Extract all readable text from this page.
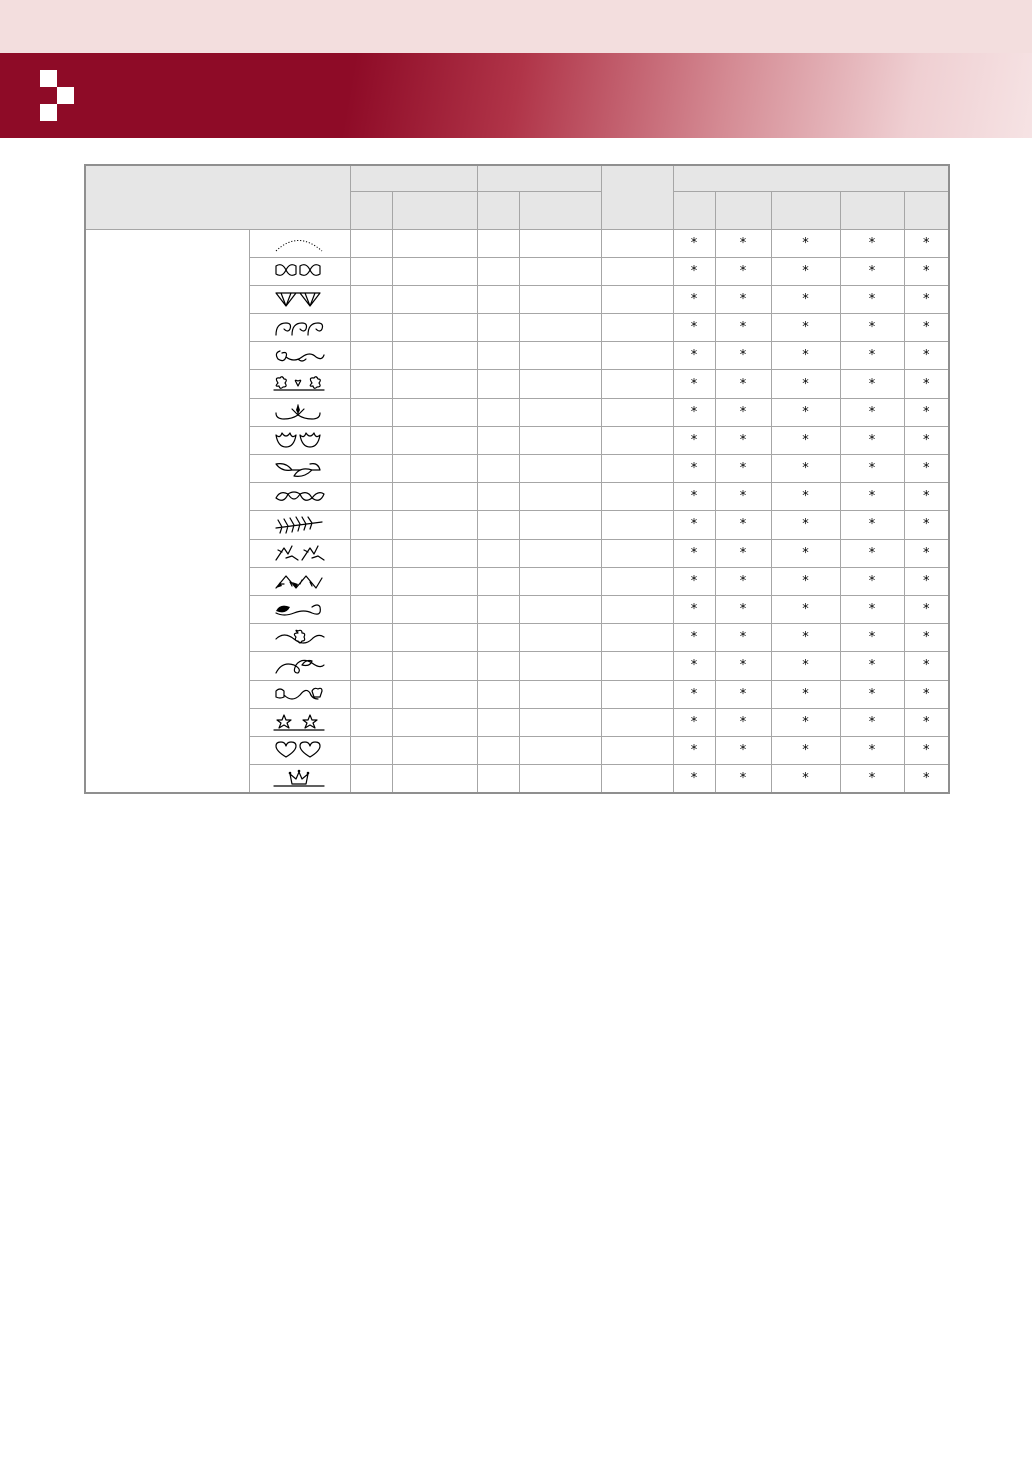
						*	*	*	*	*

						*	*	*	*	*

						*	*	*	*	*

						*	*	*	*	*

						*	*	*	*	*

						*	*	*	*	*

						*	*	*	*	*

						*	*	*	*	*

						*	*	*	*	*

						*	*	*	*	*

						*	*	*	*	*

						*	*	*	*	*

						*	*	*	*	*

						*	*	*	*	*

						*	*	*	*	*

						*	*	*	*	*

						*	*	*	*	*

						*	*	*	*	*

						*	*	*	*	*

						*	*	*	*	*
